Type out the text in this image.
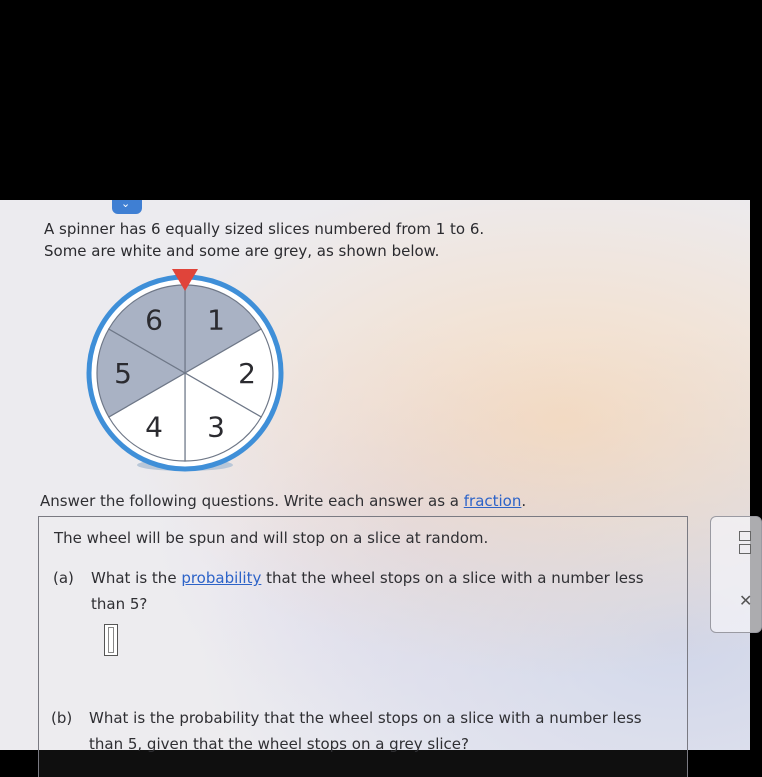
⌄
A spinner has 6 equally sized slices numbered from 1 to 6.
Some are white and some are grey, as shown below.
1
2
3
4
5
6
Answer the following questions. Write each answer as a fraction.
The wheel will be spun and will stop on a slice at random.
(a) What is the probability that the wheel stops on a slice with a number less
than 5?
(b) What is the probability that the wheel stops on a slice with a number less
than 5, given that the wheel stops on a grey slice?
✕
